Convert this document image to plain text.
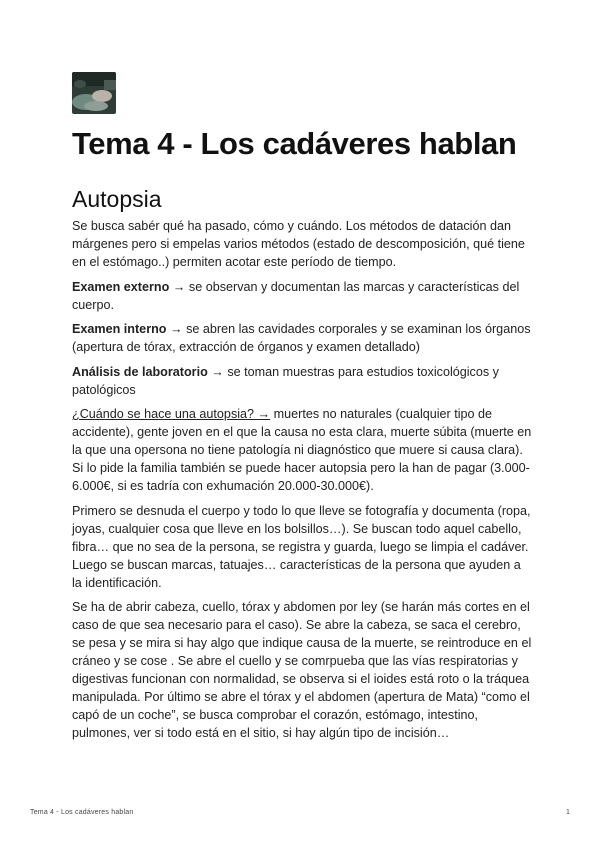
Tema 4 - Los cadáveres hablan
Autopsia

Se busca sabér qué ha pasado, cómo y cuándo. Los métodos de datación dan márgenes pero si empelas varios métodos (estado de descomposición, qué tiene en el estómago..) permiten acotar este período de tiempo.

Examen externo → se observan y documentan las marcas y características del cuerpo.

Examen interno → se abren las cavidades corporales y se examinan los órganos (apertura de tórax, extracción de órganos y examen detallado)

Análisis de laboratorio → se toman muestras para estudios toxicológicos y patológicos

¿Cuándo se hace una autopsia? → muertes no naturales (cualquier tipo de accidente), gente joven en el que la causa no esta clara, muerte súbita (muerte en la que una opersona no tiene patología ni diagnóstico que muere si causa clara). Si lo pide la familia también se puede hacer autopsia pero la han de pagar (3.000-6.000€, si es tadría con exhumación 20.000-30.000€).

Primero se desnuda el cuerpo y todo lo que lleve se fotografía y documenta (ropa, joyas, cualquier cosa que lleve en los bolsillos…). Se buscan todo aquel cabello, fibra… que no sea de la persona, se registra y guarda, luego se limpia el cadáver. Luego se buscan marcas, tatuajes… características de la persona que ayuden a la identificación.

Se ha de abrir cabeza, cuello, tórax y abdomen por ley (se harán más cortes en el caso de que sea necesario para el caso). Se abre la cabeza, se saca el cerebro, se pesa y se mira si hay algo que indique causa de la muerte, se reintroduce en el cráneo y se cose . Se abre el cuello y se comrpueba que las vías respiratorias y digestivas funcionan con normalidad, se observa si el ioides está roto o la tráquea manipulada. Por último se abre el tórax y el abdomen (apertura de Mata) “como el capó de un coche”, se busca comprobar el corazón, estómago, intestino, pulmones, ver si todo está en el sitio, si hay algún tipo de incisión…

Tema 4 - Los cadáveres hablan	1
